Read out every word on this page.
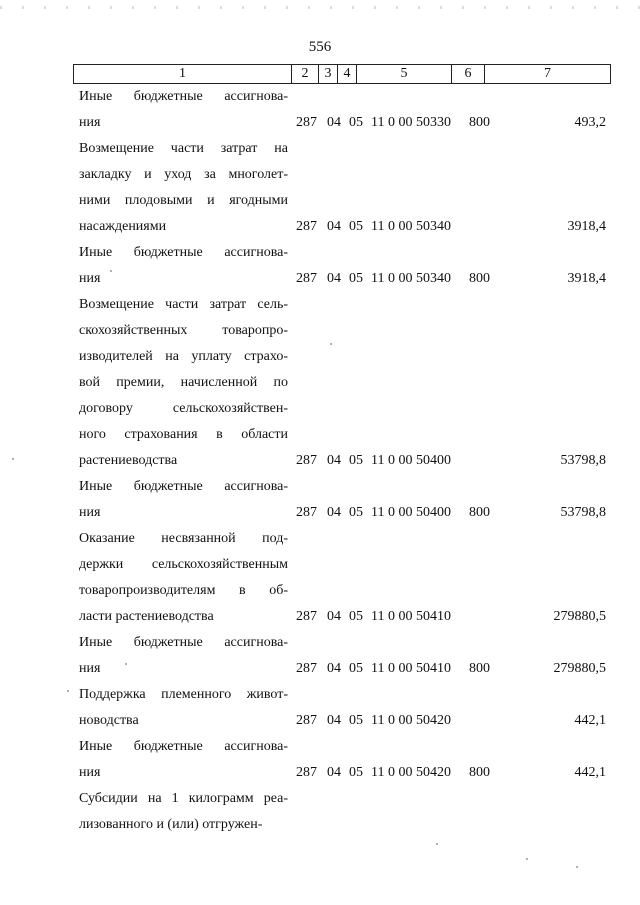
556
1	2	3 4	5	6	7
Иные бюджетные ассигнова-
ния	287 04 05 11 0 00 50330 800	493,2
Возмещение части затрат на
закладку и уход за многолет-
ними плодовыми и ягодными
насаждениями	287 04 05 11 0 00 50340	3918,4
Иные бюджетные ассигнова-
ния	287 04 05 11 0 00 50340 800	3918,4
Возмещение части затрат сель-
скохозяйственных товаропро-
изводителей на уплату страхо-
вой премии, начисленной по
договору сельскохозяйствен-
ного страхования в области
растениеводства	287 04 05 11 0 00 50400	53798,8
Иные бюджетные ассигнова-
ния	287 04 05 11 0 00 50400 800	53798,8
Оказание несвязанной под-
держки сельскохозяйственным
товаропроизводителям в об-
ласти растениеводства	287 04 05 11 0 00 50410	279880,5
Иные бюджетные ассигнова-
ния	287 04 05 11 0 00 50410 800	279880,5
Поддержка племенного живот-
новодства	287 04 05 11 0 00 50420	442,1
Иные бюджетные ассигнова-
ния	287 04 05 11 0 00 50420 800	442,1
Субсидии на 1 килограмм реа-
лизованного и (или) отгружен-
